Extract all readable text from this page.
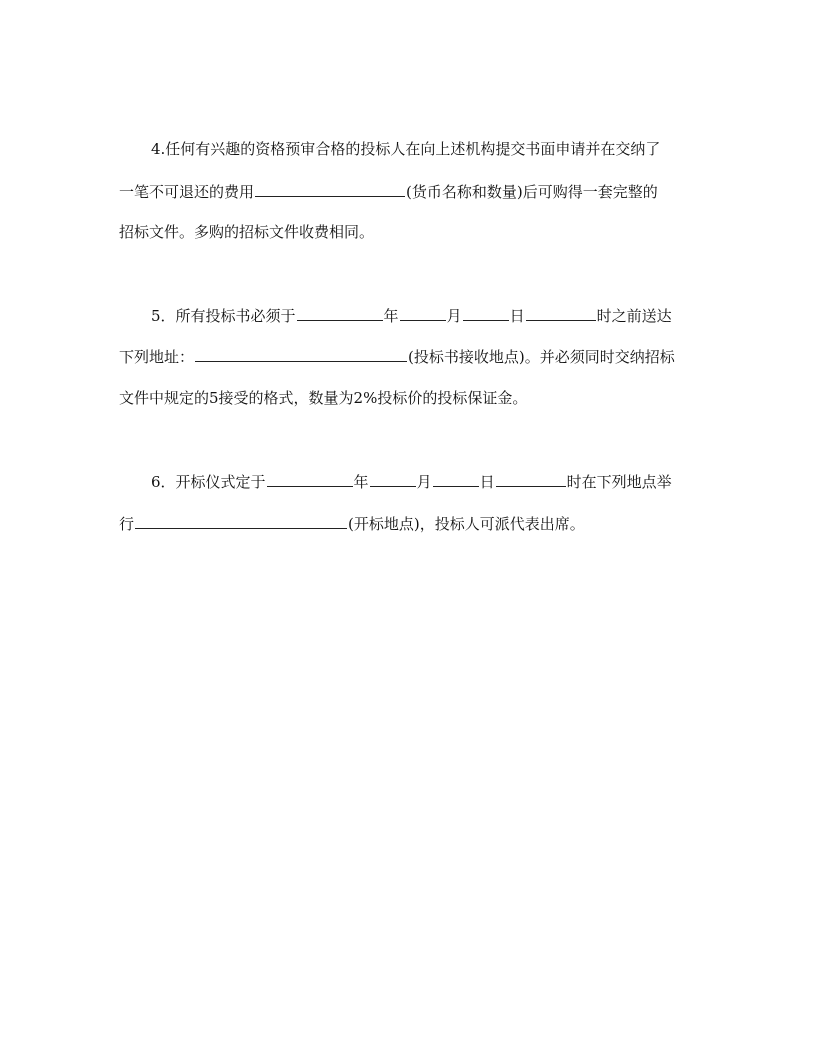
4.任何有兴趣的资格预审合格的投标人在向上述机构提交书面申请并在交纳了
一笔不可退还的费用	(货币名称和数量)后可购得一套完整的
招标文件。多购的招标文件收费相同。
5．所有投标书必须于	年	月	日	时之前送达
下列地址：	(投标书接收地点)。并必须同时交纳招标
文件中规定的5接受的格式，数量为2%投标价的投标保证金。
6．开标仪式定于	年	月	日	时在下列地点举
行	(开标地点)，投标人可派代表出席。
